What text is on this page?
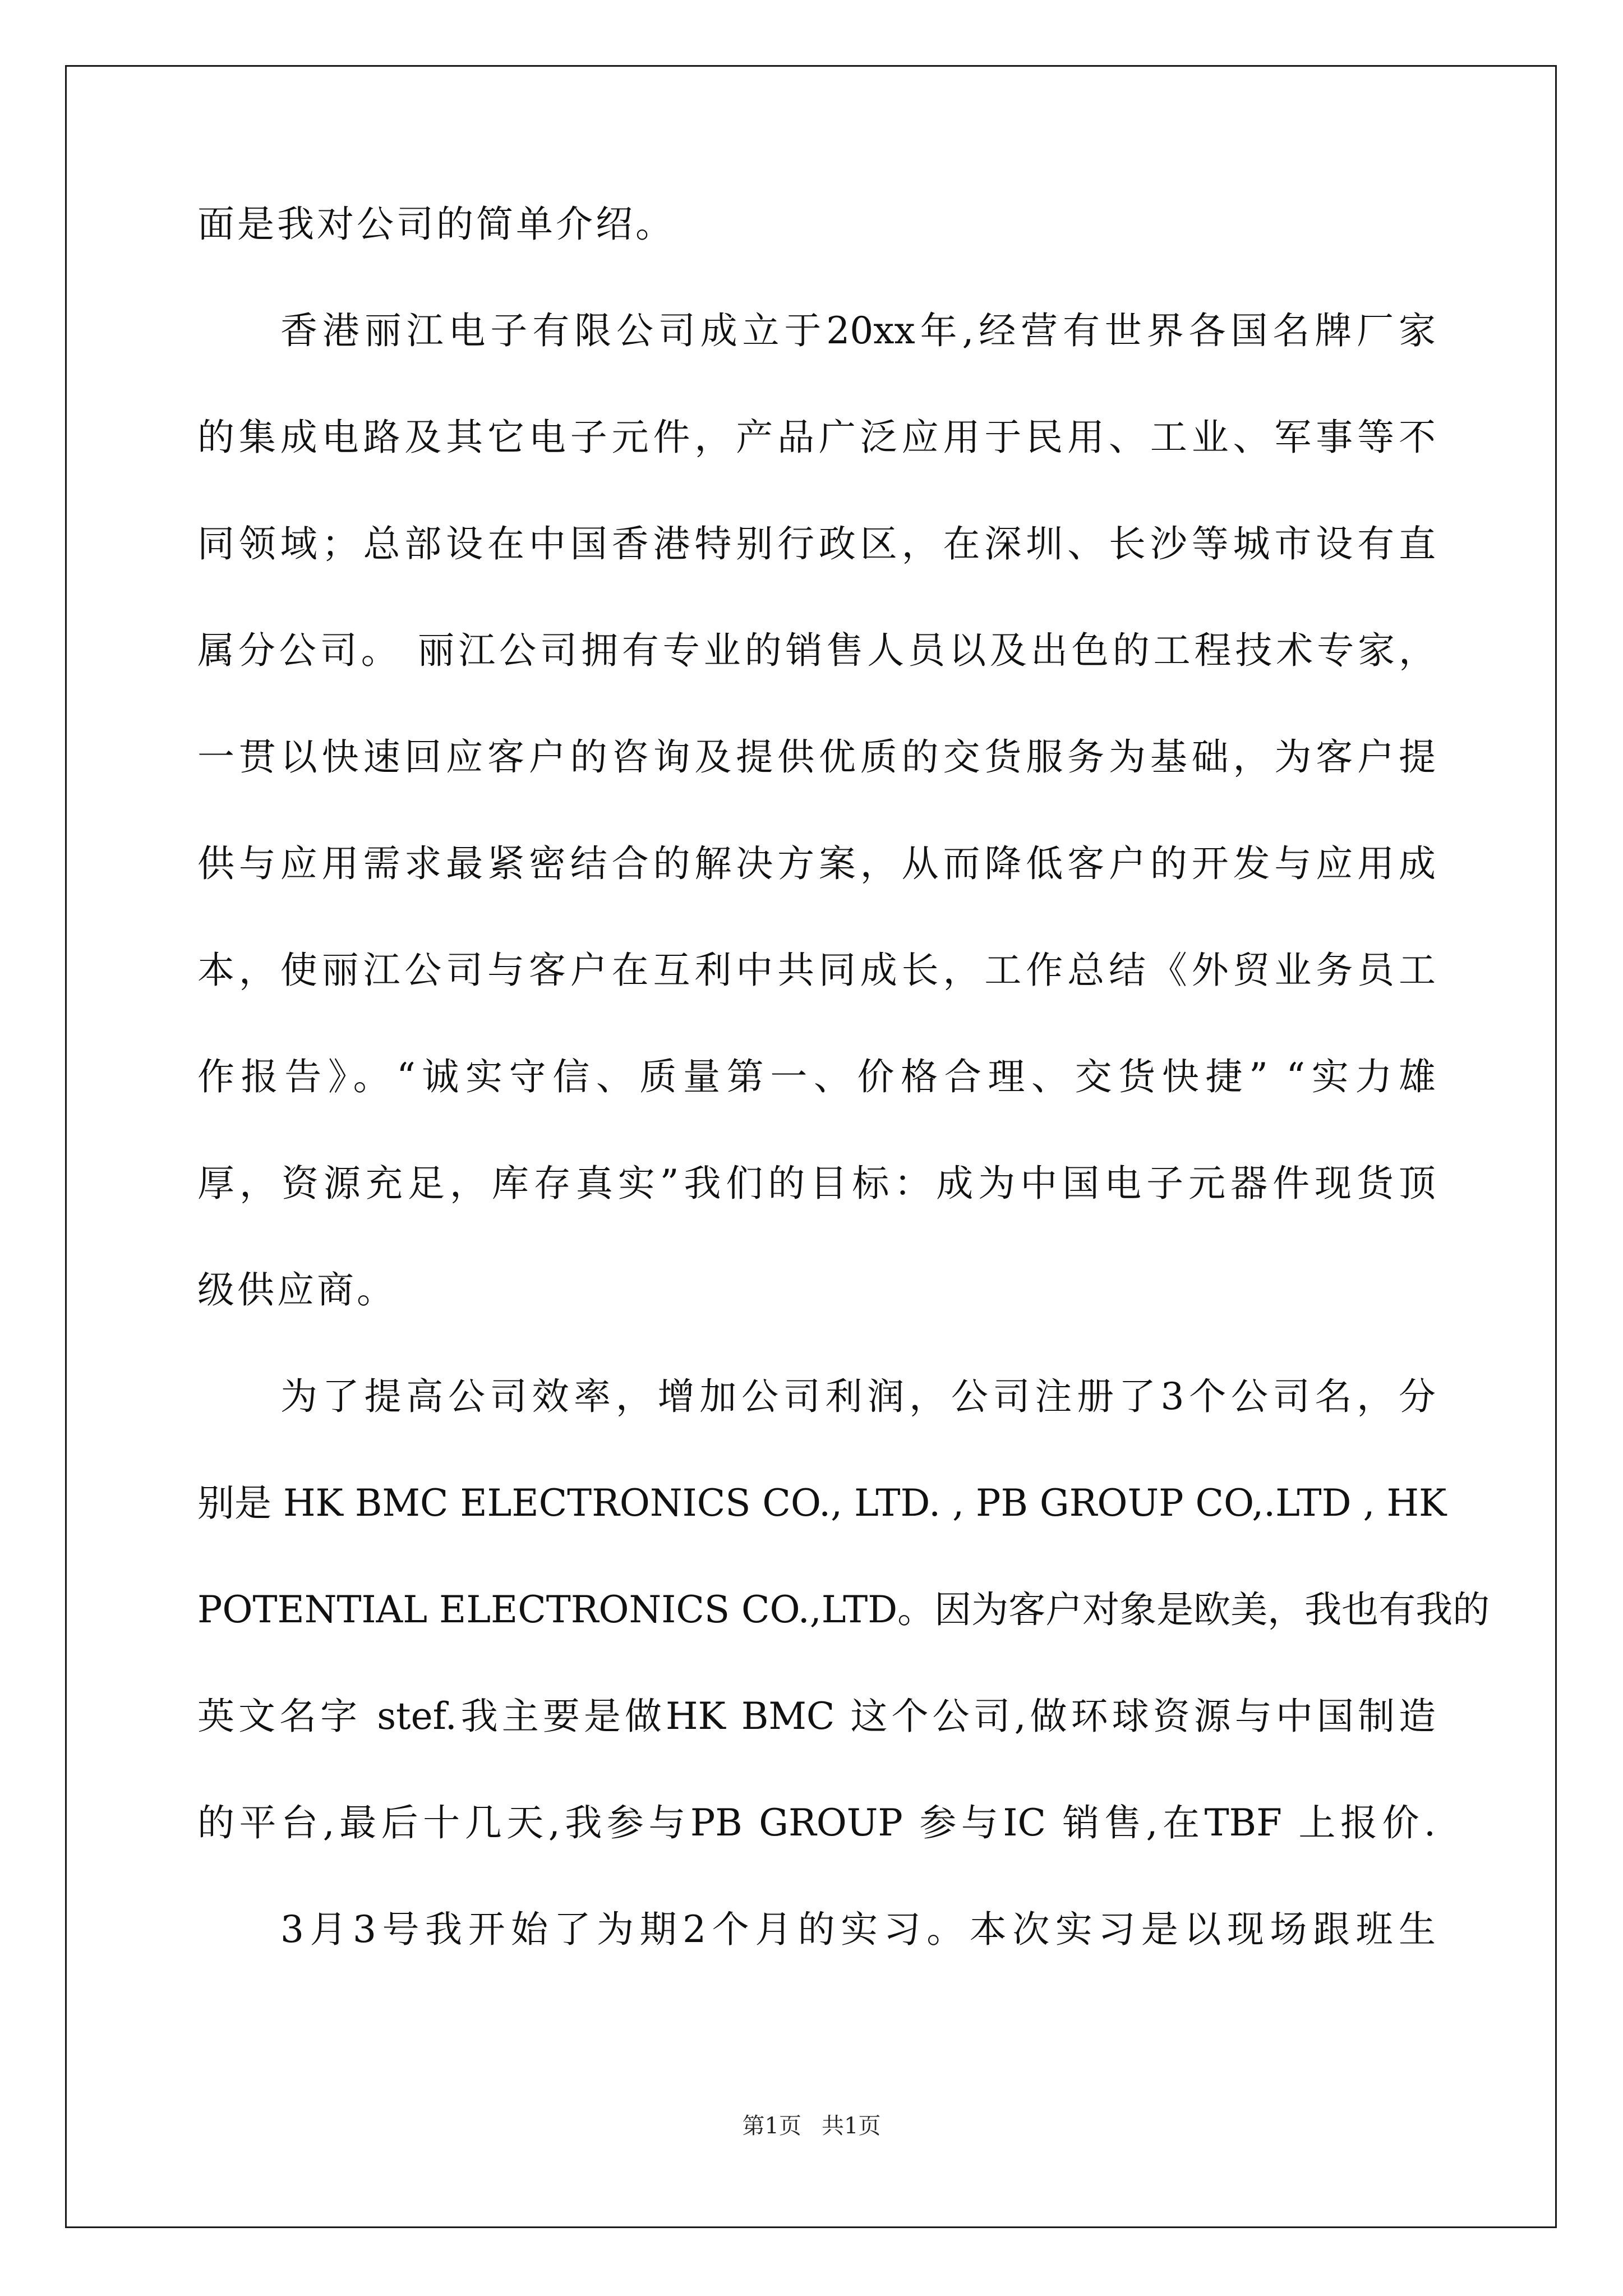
面是我对公司的简单介绍。

香港丽江电子有限公司成立于20xx年,经营有世界各国名牌厂家

的集成电路及其它电子元件，产品广泛应用于民用、工业、军事等不

同领域；总部设在中国香港特别行政区，在深圳、长沙等城市设有直

属分公司。 丽江公司拥有专业的销售人员以及出色的工程技术专家，

一贯以快速回应客户的咨询及提供优质的交货服务为基础，为客户提

供与应用需求最紧密结合的解决方案，从而降低客户的开发与应用成

本，使丽江公司与客户在互利中共同成长，工作总结《外贸业务员工

作报告》。“诚实守信、质量第一、价格合理、交货快捷” “实力雄

厚，资源充足，库存真实”我们的目标：成为中国电子元器件现货顶

级供应商。

为了提高公司效率，增加公司利润，公司注册了3个公司名，分

别是 HK BMC ELECTRONICS CO., LTD. , PB GROUP CO,.LTD , HK

POTENTIAL ELECTRONICS CO.,LTD。因为客户对象是欧美，我也有我的

英文名字 stef.我主要是做HK BMC 这个公司,做环球资源与中国制造

的平台,最后十几天,我参与PB GROUP 参与IC 销售,在TBF 上报价.

3月3号我开始了为期2个月的实习。本次实习是以现场跟班生

第1页 共1页
